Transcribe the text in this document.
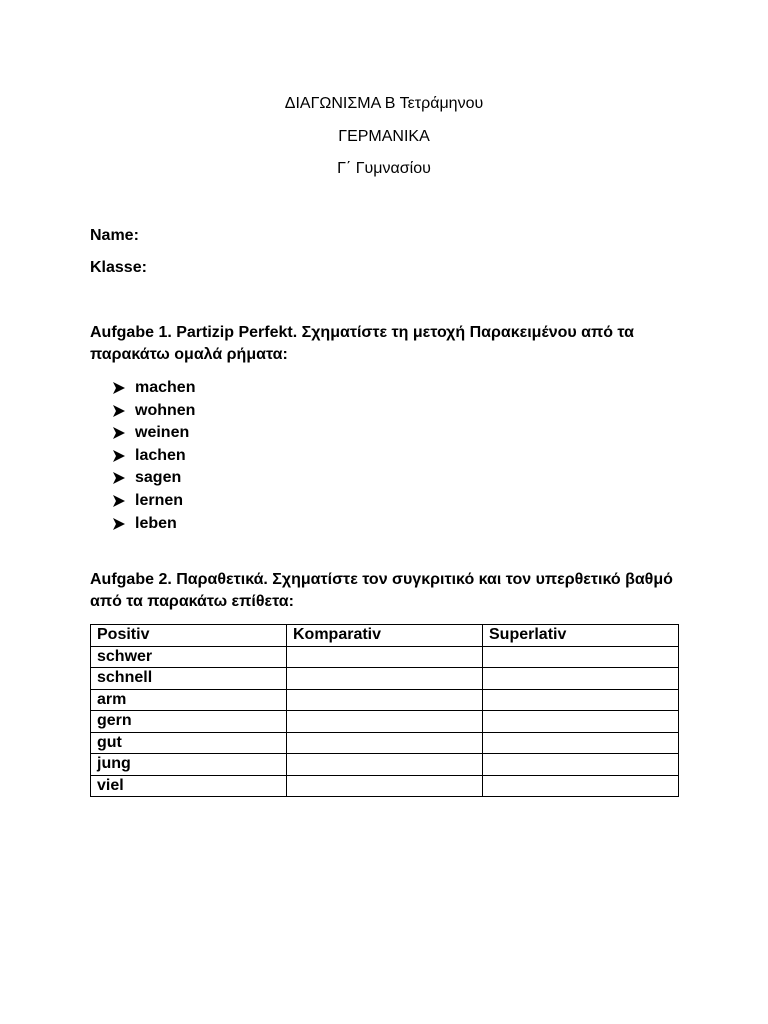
ΔΙΑΓΩΝΙΣΜΑ Β Τετράμηνου
ΓΕΡΜΑΝΙΚΑ
Γ΄ Γυμνασίου
Name:
Klasse:
Aufgabe 1. Partizip Perfekt. Σχηματίστε τη μετοχή Παρακειμένου από τα παρακάτω ομαλά ρήματα:
machen
wohnen
weinen
lachen
sagen
lernen
leben
Aufgabe 2. Παραθετικά. Σχηματίστε τον συγκριτικό και τον υπερθετικό βαθμό από τα παρακάτω επίθετα:
Positiv	Komparativ	Superlativ
schwer		
schnell		
arm		
gern		
gut		
jung		
viel		
